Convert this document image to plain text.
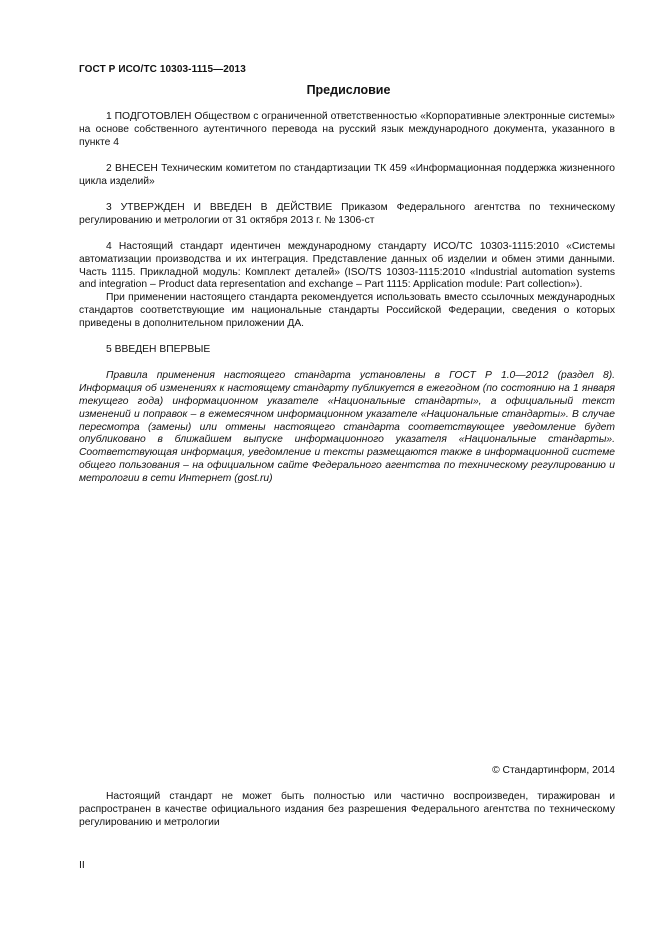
ГОСТ Р ИСО/ТС 10303-1115—2013
Предисловие

1 ПОДГОТОВЛЕН Обществом с ограниченной ответственностью «Корпоративные электронные системы» на основе собственного аутентичного перевода на русский язык международного документа, указанного в пункте 4

2 ВНЕСЕН Техническим комитетом по стандартизации ТК 459 «Информационная поддержка жизненного цикла изделий»

3 УТВЕРЖДЕН И ВВЕДЕН В ДЕЙСТВИЕ Приказом Федерального агентства по техническому регулированию и метрологии от 31 октября 2013 г. № 1306-ст

4 Настоящий стандарт идентичен международному стандарту ИСО/ТС 10303-1115:2010 «Системы автоматизации производства и их интеграция. Представление данных об изделии и обмен этими данными. Часть 1115. Прикладной модуль: Комплект деталей» (ISO/TS 10303-1115:2010 «Industrial automation systems and integration – Product data representation and exchange – Part 1115: Application module: Part collection»).

При применении настоящего стандарта рекомендуется использовать вместо ссылочных международных стандартов соответствующие им национальные стандарты Российской Федерации, сведения о которых приведены в дополнительном приложении ДА.

5 ВВЕДЕН ВПЕРВЫЕ

Правила применения настоящего стандарта установлены в ГОСТ Р 1.0—2012 (раздел 8). Информация об изменениях к настоящему стандарту публикуется в ежегодном (по состоянию на 1 января текущего года) информационном указателе «Национальные стандарты», а официальный текст изменений и поправок – в ежемесячном информационном указателе «Национальные стандарты». В случае пересмотра (замены) или отмены настоящего стандарта соответствующее уведомление будет опубликовано в ближайшем выпуске информационного указателя «Национальные стандарты». Соответствующая информация, уведомление и тексты размещаются также в информационной системе общего пользования – на официальном сайте Федерального агентства по техническому регулированию и метрологии в сети Интернет (gost.ru)

© Стандартинформ, 2014

Настоящий стандарт не может быть полностью или частично воспроизведен, тиражирован и распространен в качестве официального издания без разрешения Федерального агентства по техническому регулированию и метрологии

II
